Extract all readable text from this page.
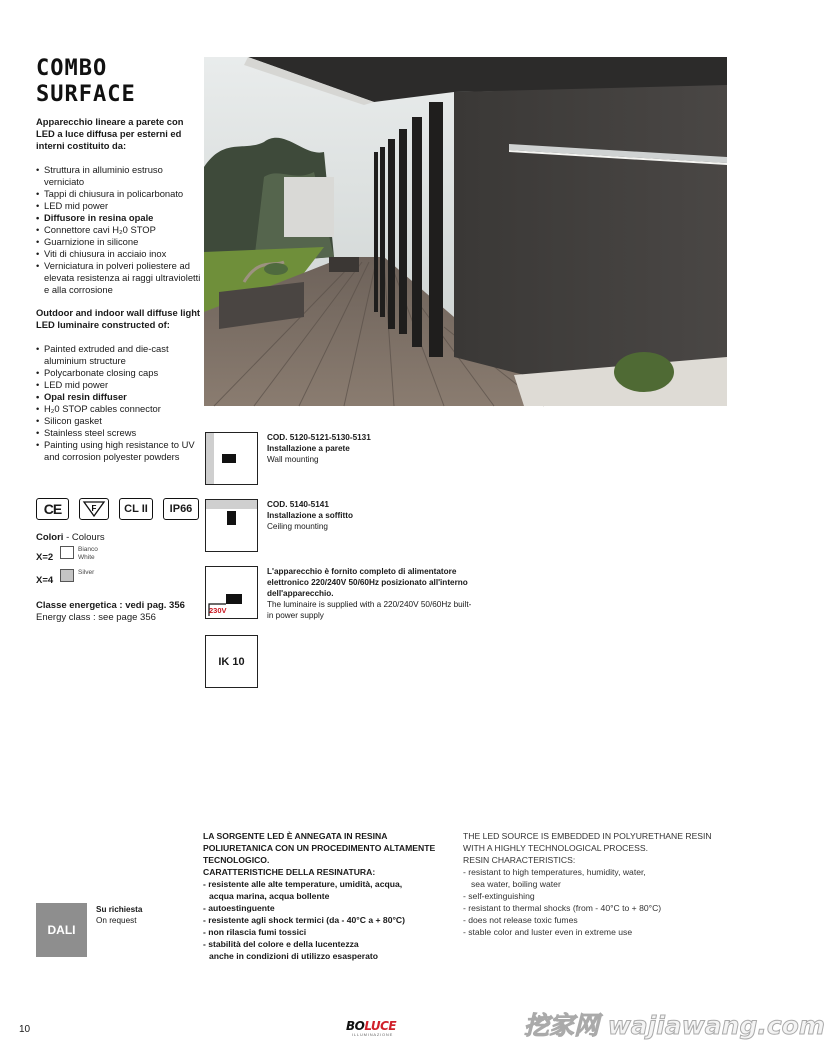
COMBO
SURFACE
Apparecchio lineare a parete con LED a luce diffusa per esterni ed interni costituito da:
• Struttura in alluminio estruso verniciato
• Tappi di chiusura in policarbonato
• LED mid power
• Diffusore in resina opale
• Connettore cavi H₂0 STOP
• Guarnizione in silicone
• Viti di chiusura in acciaio inox
• Verniciatura in polveri poliestere ad elevata resistenza ai raggi ultravioletti e alla corrosione
Outdoor and indoor wall diffuse light LED luminaire constructed of:
• Painted extruded and die-cast aluminium structure
• Polycarbonate closing caps
• LED mid power
• Opal resin diffuser
• H₂0 STOP cables connector
• Silicon gasket
• Stainless steel screws
• Painting using high resistance to UV and corrosion polyester powders
CE	F	CL II	IP66
Colori - Colours
X=2
Bianco
White
X=4
Silver
Classe energetica : vedi pag. 356
Energy class : see page 356
COD. 5120-5121-5130-5131
Installazione a parete
Wall mounting
COD. 5140-5141
Installazione a soffitto
Ceiling mounting
230V
L'apparecchio è fornito completo di alimentatore elettronico 220/240V 50/60Hz posizionato all'interno dell'apparecchio.
The luminaire is supplied with a 220/240V 50/60Hz built-in power supply
IK 10
DALI
Su richiesta
On request
LA SORGENTE LED È ANNEGATA IN RESINA POLIURETANICA CON UN PROCEDIMENTO ALTAMENTE TECNOLOGICO.
CARATTERISTICHE DELLA RESINATURA:
- resistente alle alte temperature, umidità, acqua,
acqua marina, acqua bollente
- autoestinguente
- resistente agli shock termici (da - 40°C a + 80°C)
- non rilascia fumi tossici
- stabilità del colore e della lucentezza
anche in condizioni di utilizzo esasperato
THE LED SOURCE IS EMBEDDED IN POLYURETHANE RESIN WITH A HIGHLY TECHNOLOGICAL PROCESS.
RESIN CHARACTERISTICS:
- resistant to high temperatures, humidity, water,
sea water, boiling water
- self-extinguishing
- resistant to thermal shocks (from - 40°C to + 80°C)
- does not release toxic fumes
- stable color and luster even in extreme use
10	BOLUCE
ILLUMINAZIONE	挖家网 wajiawang.com
